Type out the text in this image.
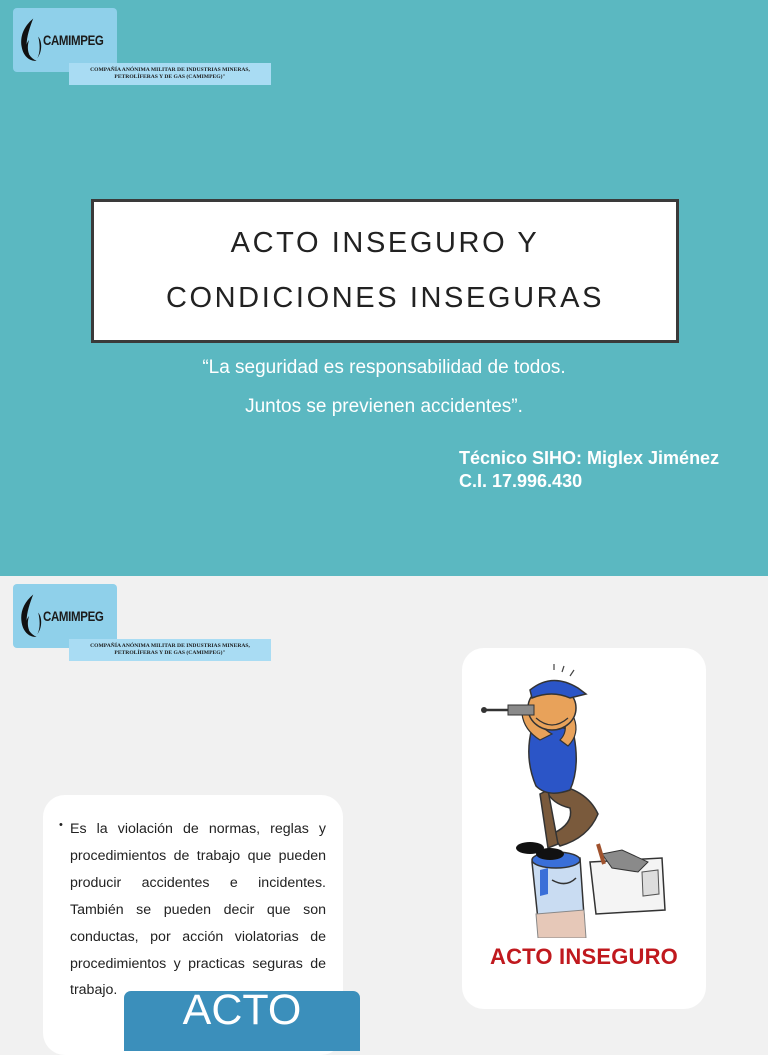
CAMIMPEG
COMPAÑÍA ANÓNIMA MILITAR DE INDUSTRIAS MINERAS,
PETROLÍFERAS Y DE GAS (CAMIMPEG)"
ACTO INSEGURO Y
CONDICIONES INSEGURAS
“La seguridad es responsabilidad de todos.
Juntos se previenen accidentes”.
Técnico SIHO: Miglex Jiménez
C.I. 17.996.430
CAMIMPEG
COMPAÑÍA ANÓNIMA MILITAR DE INDUSTRIAS MINERAS,
PETROLÍFERAS Y DE GAS (CAMIMPEG)"
ACTO INSEGURO
• Es la violación de normas, reglas y procedimientos de trabajo que pueden producir accidentes e incidentes. También se pueden decir que son conductas, por acción violatorias de procedimientos y practicas seguras de trabajo.	ACTO
